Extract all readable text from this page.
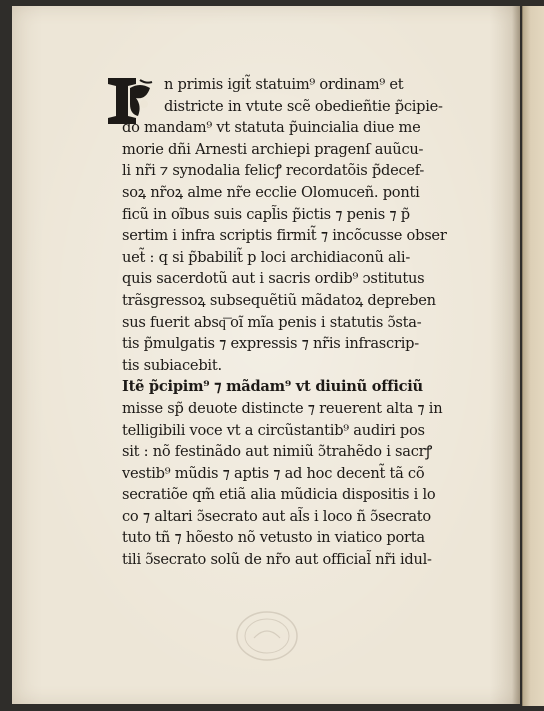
I
n primis igit̃ statuim⁹ ordinam⁹ et
districte in vtute scẽ obedieñtie p̃cipie-
do mandam⁹ vt statuta p̃uincialia diue me
morie dñi Arnesti archiepi pragenſ auũcu-
li nr̃i ⁊ synodalia felicꝭ recordatõis p̃decef-
soꝝ nr̃oꝝ alme nr̃e ecclie Olomuceñ. ponti
ficũ in oĩbus suis capl̃is p̃ictis ⁊ penis ⁊ p̃
sertim i infra scriptis firmit̃ ⁊ incõcusse obser
uet̃ : q si p̃babilit̃ p loci archidiaconũ ali-
quis sacerdotũ aut i sacris ordib⁹ ɔstitutus
trãsgressoꝝ subsequẽtiũ mãdatoꝝ depreben
sus fuerit absq͞ oĩ mĩa penis i statutis ɔ̃sta-
tis p̃mulgatis ⁊ expressis ⁊ nr̃is infrascrip-
tis subiacebit.
Itẽ p̃cipim⁹ ⁊ mãdam⁹ vt diuinũ officiũ
misse sp̃ deuote distincte ⁊ reuerent alta ⁊ in
telligibili voce vt a circũstantib⁹ audiri pos
sit : nõ festinãdo aut nimiũ ɔ̃trahẽdo i sacrꝭ
vestib⁹ mũdis ⁊ aptis ⁊ ad hoc decent̃ tã cõ
secratiõe qm̃ etiã alia mũdicia dispositis i lo
co ⁊ altari ɔ̃secrato aut al̃s i loco ñ ɔ̃secrato
tuto tñ ⁊ hõesto nõ vetusto in viatico porta
tili ɔ̃secrato solũ de nr̃o aut official̃ nr̃i idul-
